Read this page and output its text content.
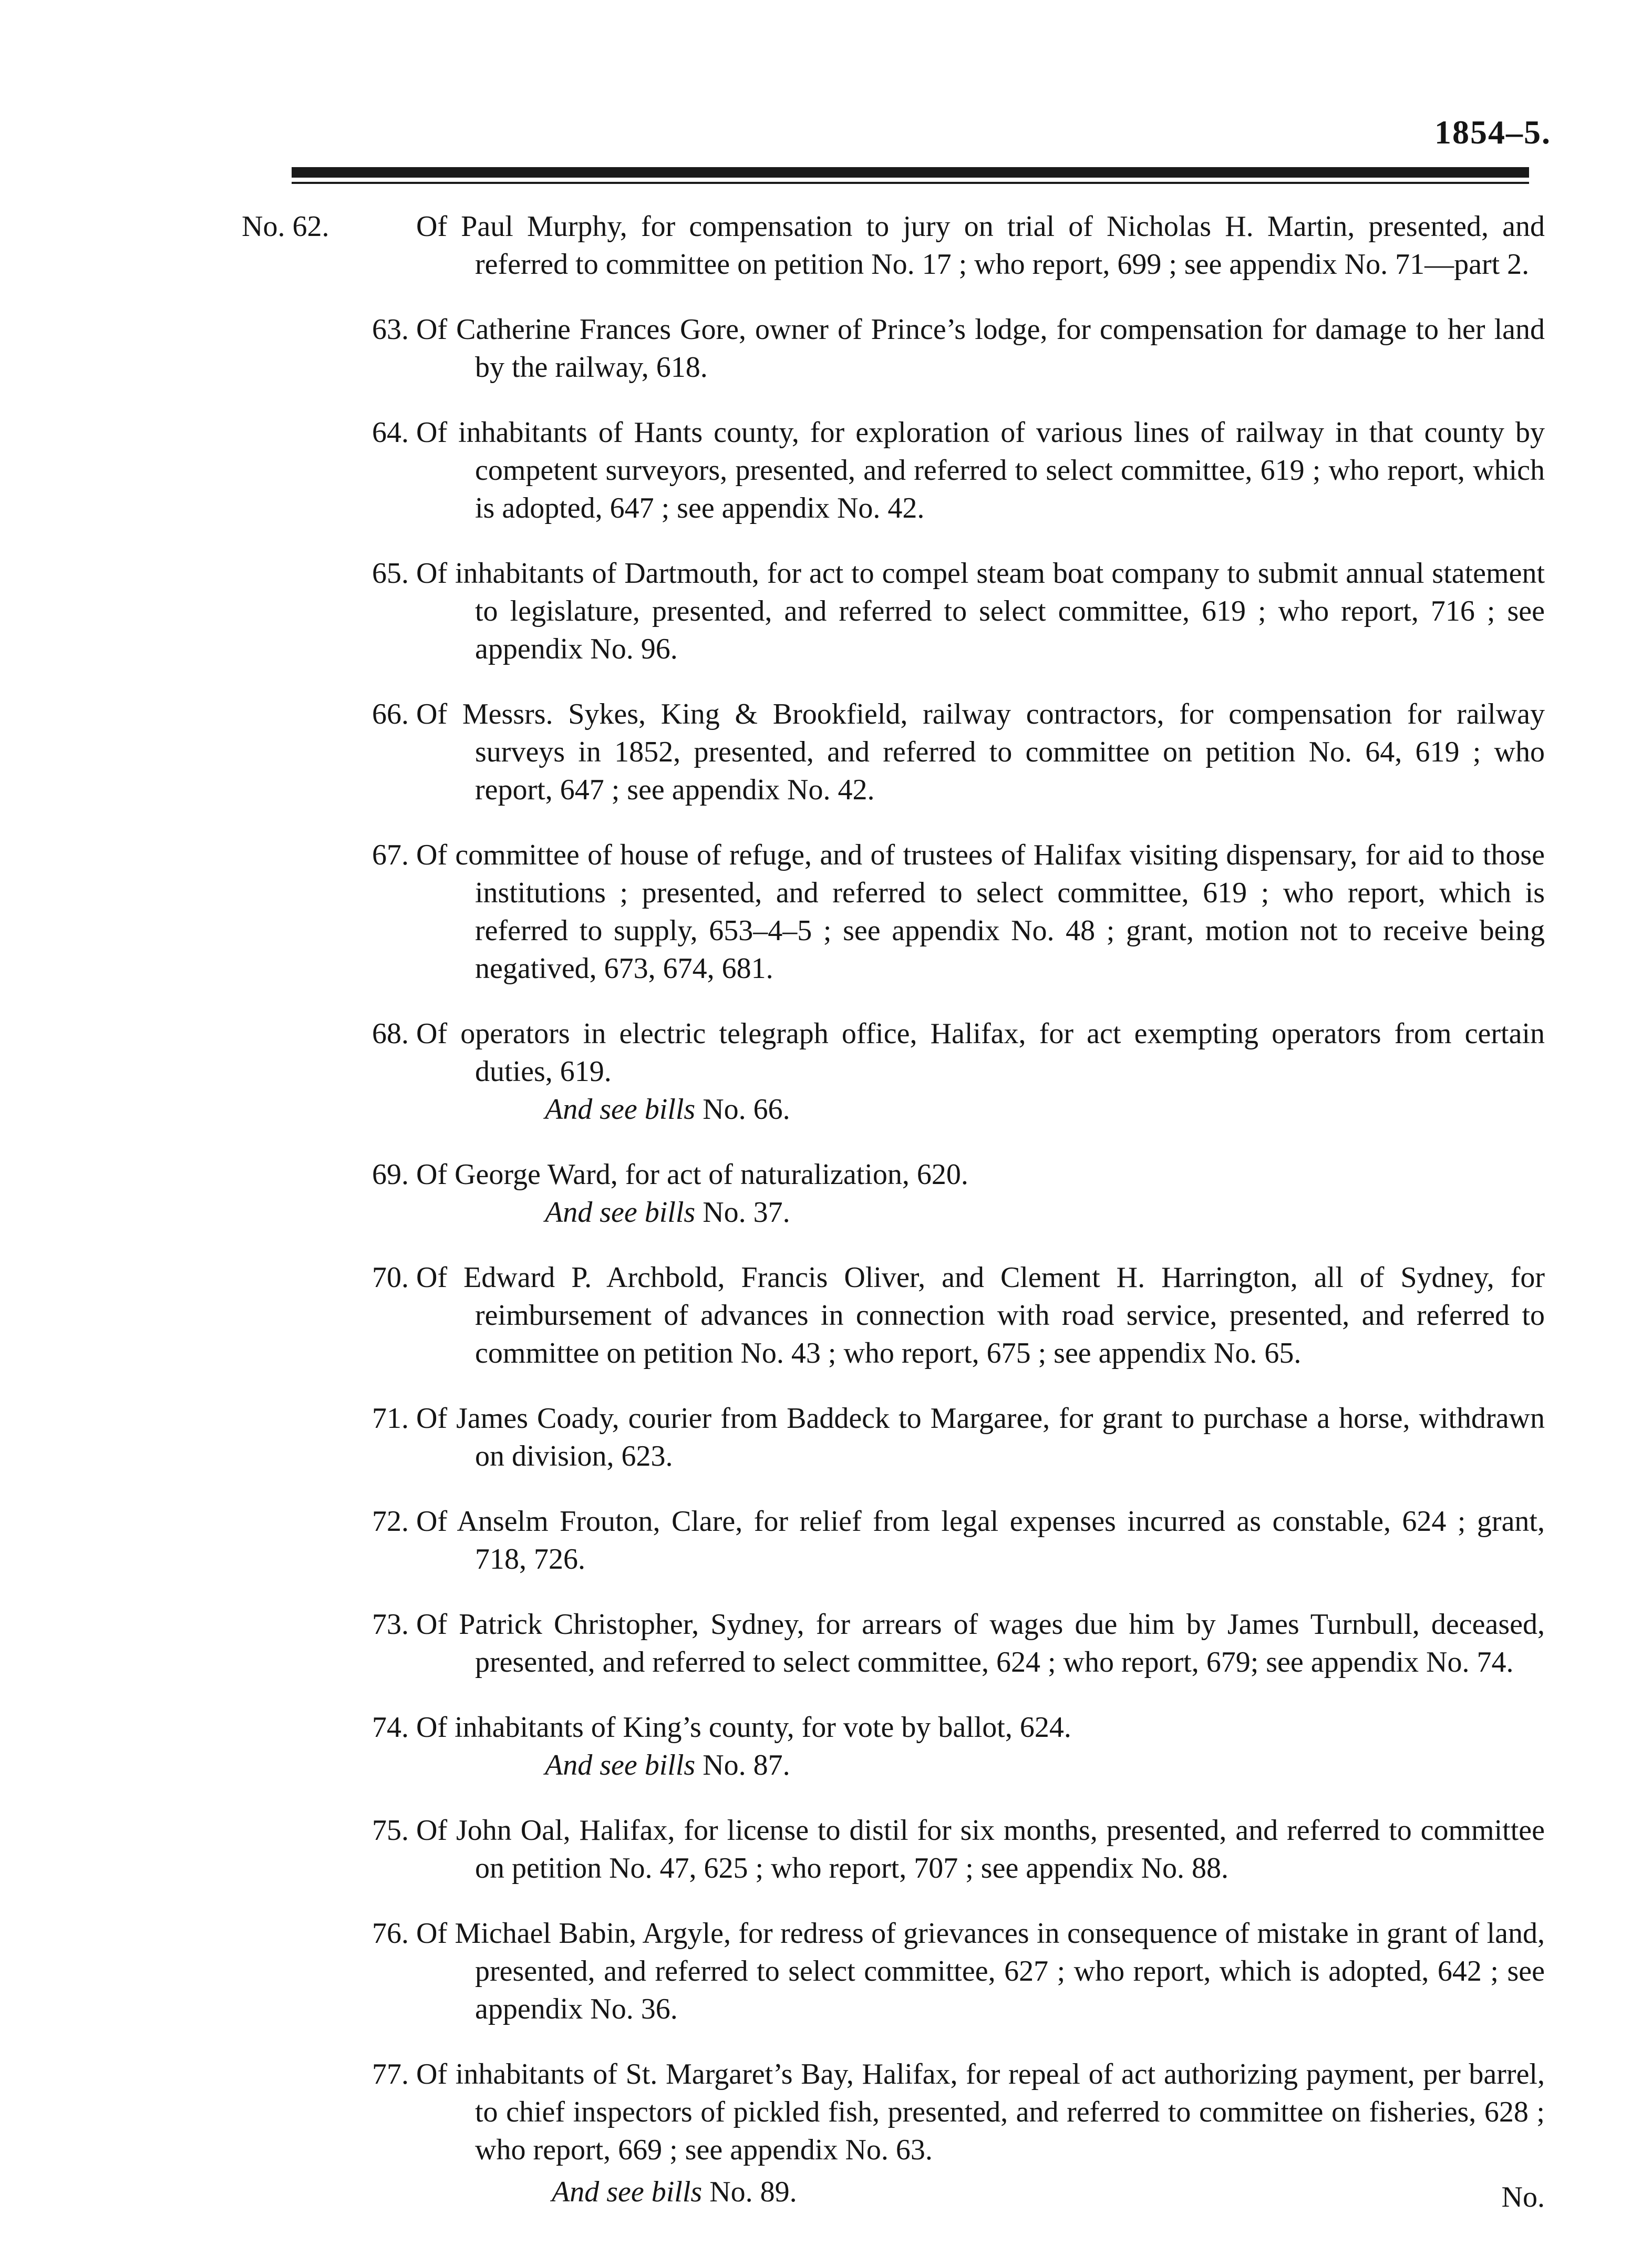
1854–5.
No. 62.	Of Paul Murphy, for compensation to jury on trial of Nicholas H. Martin, presented, and referred to committee on petition No. 17 ; who report, 699 ; see appendix No. 71—part 2.
63. Of Catherine Frances Gore, owner of Prince’s lodge, for compensation for damage to her land by the railway, 618.
64. Of inhabitants of Hants county, for exploration of various lines of railway in that county by competent surveyors, presented, and referred to select committee, 619 ; who report, which is adopted, 647 ; see appendix No. 42.
65. Of inhabitants of Dartmouth, for act to compel steam boat company to submit annual statement to legislature, presented, and referred to select committee, 619 ; who report, 716 ; see appendix No. 96.
66. Of Messrs. Sykes, King & Brookfield, railway contractors, for compensation for railway surveys in 1852, presented, and referred to committee on petition No. 64, 619 ; who report, 647 ; see appendix No. 42.
67. Of committee of house of refuge, and of trustees of Halifax visiting dispensary, for aid to those institutions ; presented, and referred to select committee, 619 ; who report, which is referred to supply, 653–4–5 ; see appendix No. 48 ; grant, motion not to receive being negatived, 673, 674, 681.
68. Of operators in electric telegraph office, Halifax, for act exempting operators from certain duties, 619.
And see bills No. 66.
69. Of George Ward, for act of naturalization, 620.
And see bills No. 37.
70. Of Edward P. Archbold, Francis Oliver, and Clement H. Harrington, all of Sydney, for reimbursement of advances in connection with road service, presented, and referred to committee on petition No. 43 ; who report, 675 ; see appendix No. 65.
71. Of James Coady, courier from Baddeck to Margaree, for grant to purchase a horse, withdrawn on division, 623.
72. Of Anselm Frouton, Clare, for relief from legal expenses incurred as constable, 624 ; grant, 718, 726.
73. Of Patrick Christopher, Sydney, for arrears of wages due him by James Turnbull, deceased, presented, and referred to select committee, 624 ; who report, 679; see appendix No. 74.
74. Of inhabitants of King’s county, for vote by ballot, 624.
And see bills No. 87.
75. Of John Oal, Halifax, for license to distil for six months, presented, and referred to committee on petition No. 47, 625 ; who report, 707 ; see appendix No. 88.
76. Of Michael Babin, Argyle, for redress of grievances in consequence of mistake in grant of land, presented, and referred to select committee, 627 ; who report, which is adopted, 642 ; see appendix No. 36.
77. Of inhabitants of St. Margaret’s Bay, Halifax, for repeal of act authorizing payment, per barrel, to chief inspectors of pickled fish, presented, and referred to committee on fisheries, 628 ; who report, 669 ; see appendix No. 63.
And see bills No. 89.	No.
